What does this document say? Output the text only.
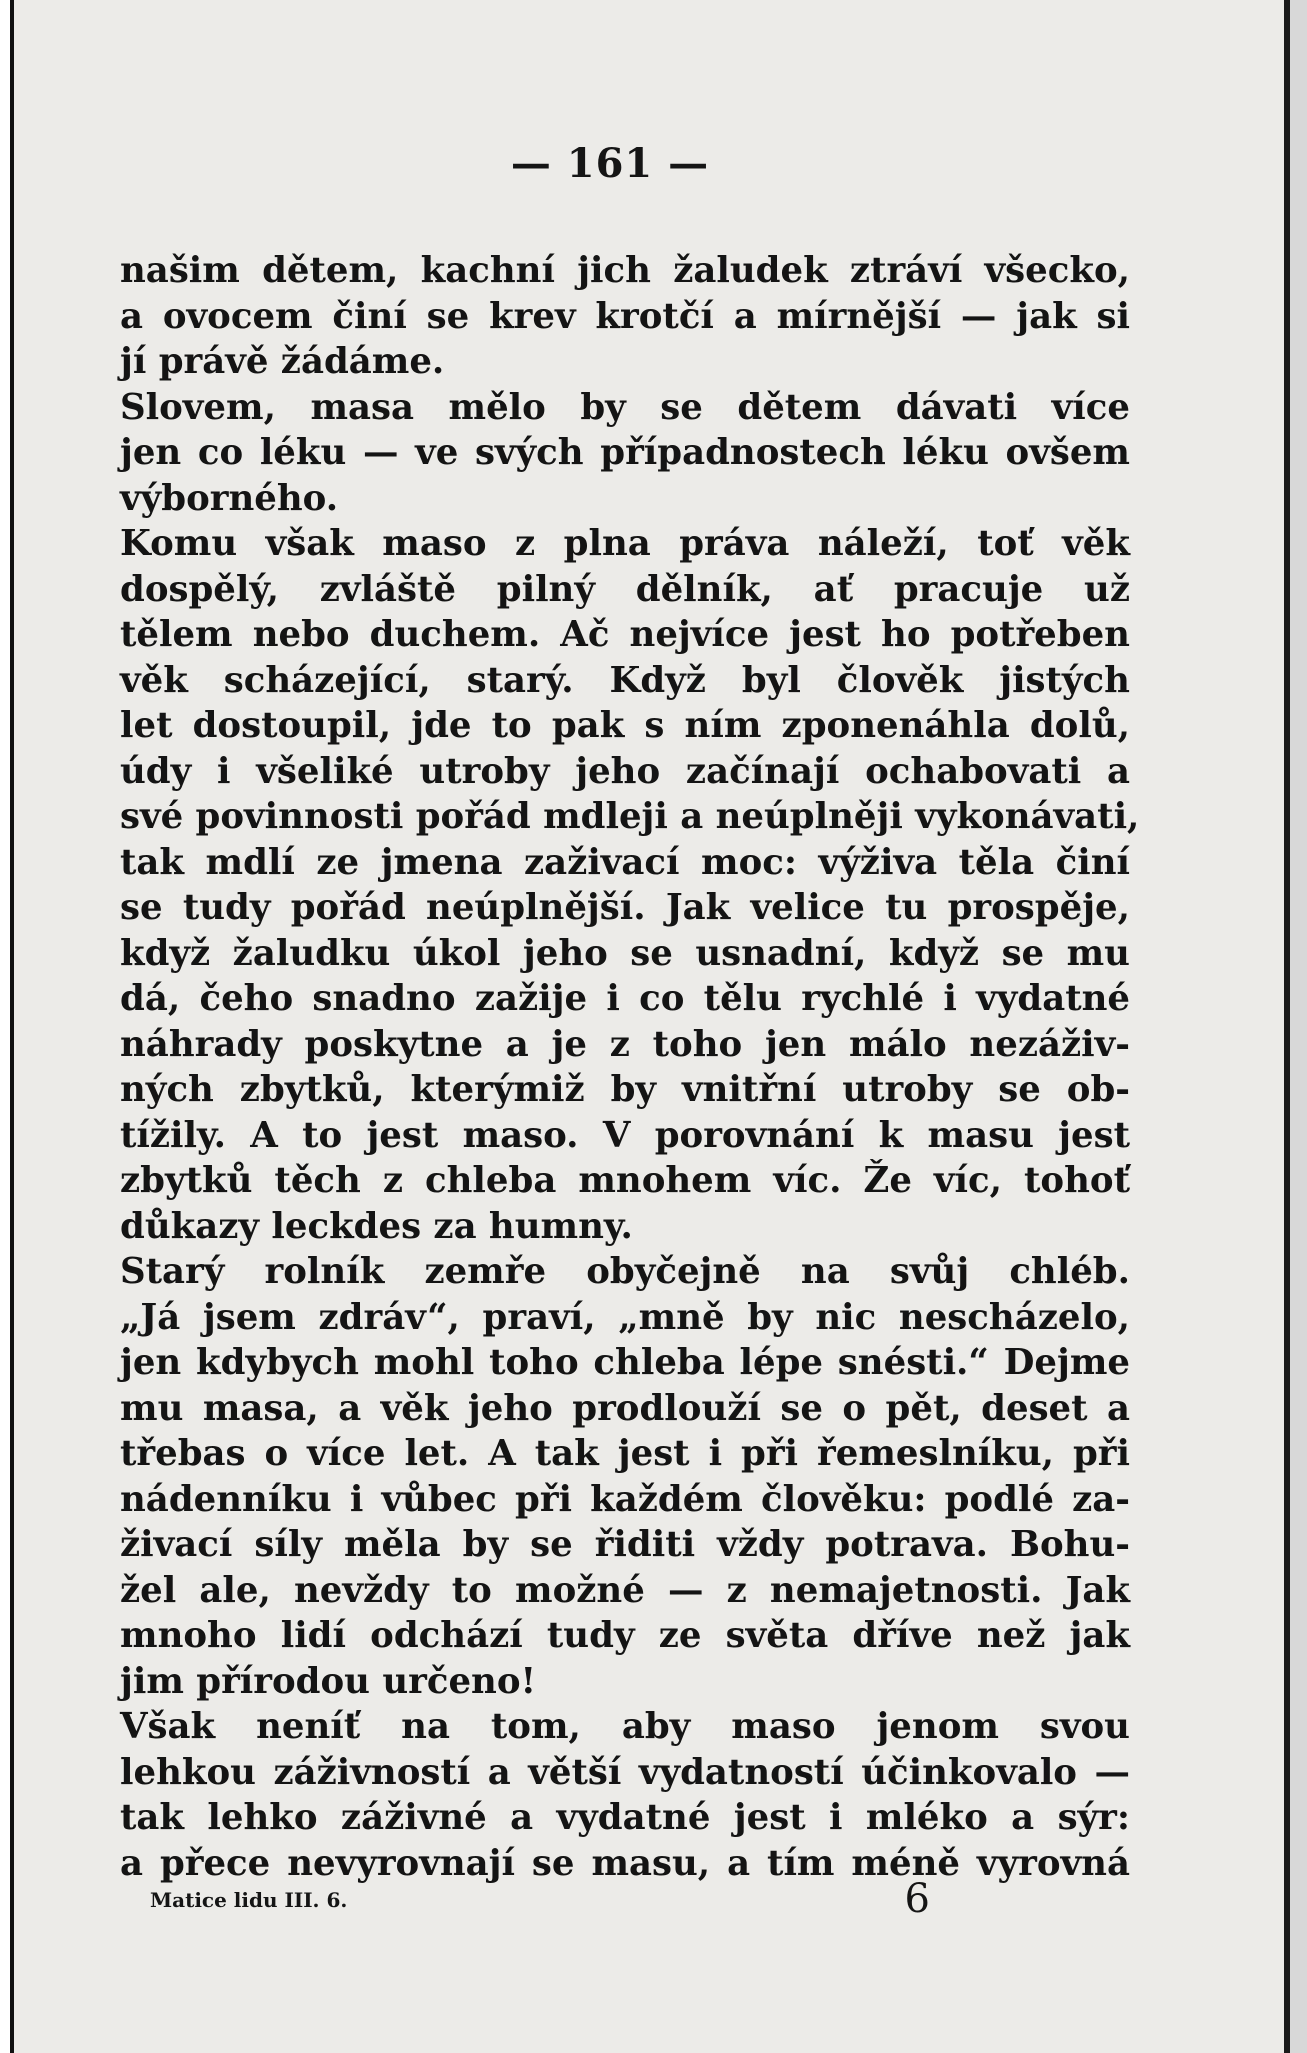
— 161 —
našim dětem, kachní jich žaludek ztráví všecko,
a ovocem činí se krev krotčí a mírnější — jak si
jí právě žádáme.
Slovem, masa mělo by se dětem dávati více
jen co léku — ve svých případnostech léku ovšem
výborného.
Komu však maso z plna práva náleží, toť věk
dospělý, zvláště pilný dělník, ať pracuje už
tělem nebo duchem. Ač nejvíce jest ho potřeben
věk scházející, starý. Když byl člověk jistých
let dostoupil, jde to pak s ním zponenáhla dolů,
údy i všeliké utroby jeho začínají ochabovati a
své povinnosti pořád mdleji a neúplněji vykonávati,
tak mdlí ze jmena zaživací moc: výživa těla činí
se tudy pořád neúplnější. Jak velice tu prospěje,
když žaludku úkol jeho se usnadní, když se mu
dá, čeho snadno zažije i co tělu rychlé i vydatné
náhrady poskytne a je z toho jen málo nezáživ-
ných zbytků, kterýmiž by vnitřní utroby se ob-
tížily. A to jest maso. V porovnání k masu jest
zbytků těch z chleba mnohem víc. Že víc, tohoť
důkazy leckdes za humny.
Starý rolník zemře obyčejně na svůj chléb.
„Já jsem zdráv“, praví, „mně by nic nescházelo,
jen kdybych mohl toho chleba lépe snésti.“ Dejme
mu masa, a věk jeho prodlouží se o pět, deset a
třebas o více let. A tak jest i při řemeslníku, při
nádenníku i vůbec při každém člověku: podlé za-
živací síly měla by se řiditi vždy potrava. Bohu-
žel ale, nevždy to možné — z nemajetnosti. Jak
mnoho lidí odchází tudy ze světa dříve než jak
jim přírodou určeno!
Však neníť na tom, aby maso jenom svou
lehkou záživností a větší vydatností účinkovalo —
tak lehko záživné a vydatné jest i mléko a sýr:
a přece nevyrovnají se masu, a tím méně vyrovná
Matice lidu III. 6.	6
